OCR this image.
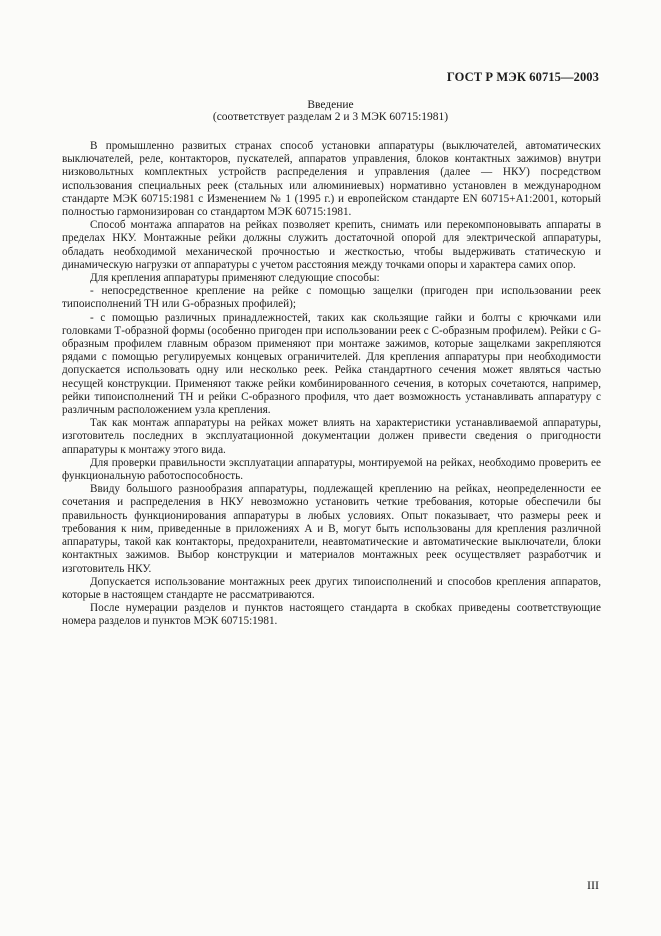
ГОСТ Р МЭК 60715—2003
Введение
(соответствует разделам 2 и 3 МЭК 60715:1981)

В промышленно развитых странах способ установки аппаратуры (выключателей, автоматических выключателей, реле, контакторов, пускателей, аппаратов управления, блоков контактных зажимов) внутри низковольтных комплектных устройств распределения и управления (далее — НКУ) посредством использования специальных реек (стальных или алюминиевых) нормативно установлен в международном стандарте МЭК 60715:1981 с Изменением № 1 (1995 г.) и европейском стандарте EN 60715+A1:2001, который полностью гармонизирован со стандартом МЭК 60715:1981.

Способ монтажа аппаратов на рейках позволяет крепить, снимать или перекомпоновывать аппараты в пределах НКУ. Монтажные рейки должны служить достаточной опорой для электрической аппаратуры, обладать необходимой механической прочностью и жесткостью, чтобы выдерживать статическую и динамическую нагрузки от аппаратуры с учетом расстояния между точками опоры и характера самих опор.

Для крепления аппаратуры применяют следующие способы:

- непосредственное крепление на рейке с помощью защелки (пригоден при использовании реек типоисполнений ТН или G-образных профилей);

- с помощью различных принадлежностей, таких как скользящие гайки и болты с крючками или головками Т-образной формы (особенно пригоден при использовании реек с С-образным профилем). Рейки с G-образным профилем главным образом применяют при монтаже зажимов, которые защелками закрепляются рядами с помощью регулируемых концевых ограничителей. Для крепления аппаратуры при необходимости допускается использовать одну или несколько реек. Рейка стандартного сечения может являться частью несущей конструкции. Применяют также рейки комбинированного сечения, в которых сочетаются, например, рейки типоисполнений ТН и рейки С-образного профиля, что дает возможность устанавливать аппаратуру с различным расположением узла крепления.

Так как монтаж аппаратуры на рейках может влиять на характеристики устанавливаемой аппаратуры, изготовитель последних в эксплуатационной документации должен привести сведения о пригодности аппаратуры к монтажу этого вида.

Для проверки правильности эксплуатации аппаратуры, монтируемой на рейках, необходимо проверить ее функциональную работоспособность.

Ввиду большого разнообразия аппаратуры, подлежащей креплению на рейках, неопределенности ее сочетания и распределения в НКУ невозможно установить четкие требования, которые обеспечили бы правильность функционирования аппаратуры в любых условиях. Опыт показывает, что размеры реек и требования к ним, приведенные в приложениях А и В, могут быть использованы для крепления различной аппаратуры, такой как контакторы, предохранители, неавтоматические и автоматические выключатели, блоки контактных зажимов. Выбор конструкции и материалов монтажных реек осуществляет разработчик и изготовитель НКУ.

Допускается использование монтажных реек других типоисполнений и способов крепления аппаратов, которые в настоящем стандарте не рассматриваются.

После нумерации разделов и пунктов настоящего стандарта в скобках приведены соответствующие номера разделов и пунктов МЭК 60715:1981.

III
